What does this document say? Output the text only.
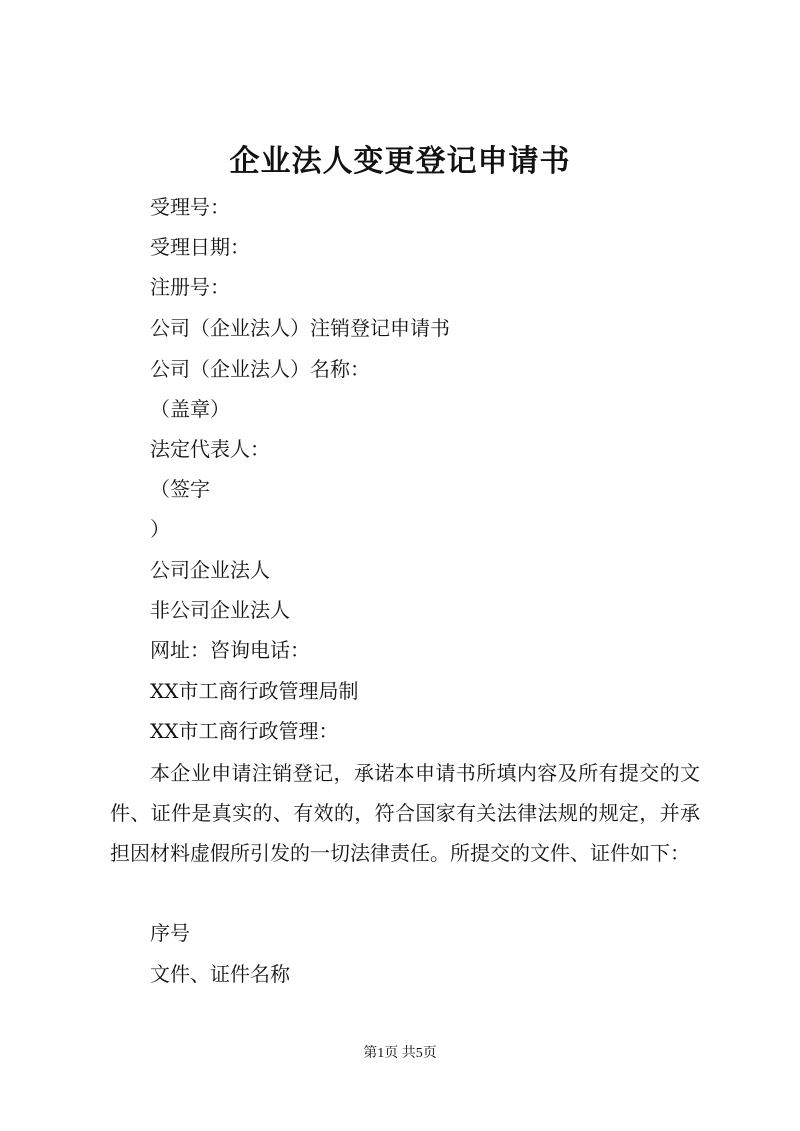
企业法人变更登记申请书
受理号：
受理日期：
注册号：
公司（企业法人）注销登记申请书
公司（企业法人）名称：
（盖章）
法定代表人：
（签字
）
公司企业法人
非公司企业法人
网址：咨询电话：
XX市工商行政管理局制
XX市工商行政管理：
本企业申请注销登记，承诺本申请书所填内容及所有提交的文件、证件是真实的、有效的，符合国家有关法律法规的规定，并承担因材料虚假所引发的一切法律责任。所提交的文件、证件如下：
序号
文件、证件名称
第1页 共5页
